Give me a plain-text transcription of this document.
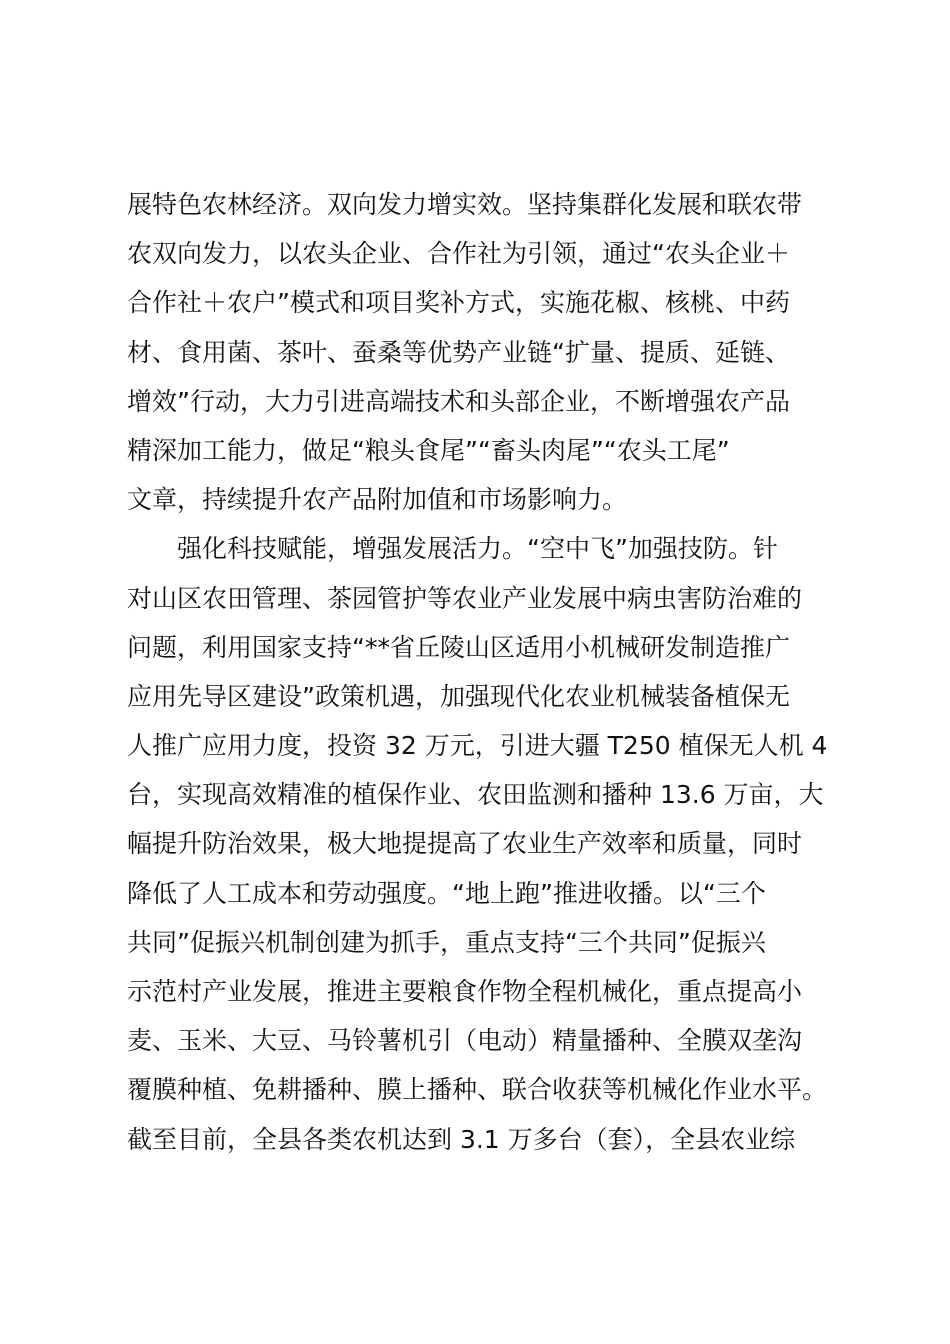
展特色农林经济。双向发力增实效。坚持集群化发展和联农带
农双向发力，以农头企业、合作社为引领，通过“农头企业＋
合作社＋农户”模式和项目奖补方式，实施花椒、核桃、中药
材、食用菌、茶叶、蚕桑等优势产业链“扩量、提质、延链、
增效”行动，大力引进高端技术和头部企业，不断增强农产品
精深加工能力，做足“粮头食尾”“畜头肉尾”“农头工尾”
文章，持续提升农产品附加值和市场影响力。
强化科技赋能，增强发展活力。“空中飞”加强技防。针
对山区农田管理、茶园管护等农业产业发展中病虫害防治难的
问题，利用国家支持“**省丘陵山区适用小机械研发制造推广
应用先导区建设”政策机遇，加强现代化农业机械装备植保无
人推广应用力度，投资 32 万元，引进大疆 T250 植保无人机 4
台，实现高效精准的植保作业、农田监测和播种 13.6 万亩，大
幅提升防治效果，极大地提提高了农业生产效率和质量，同时
降低了人工成本和劳动强度。“地上跑”推进收播。以“三个
共同”促振兴机制创建为抓手，重点支持“三个共同”促振兴
示范村产业发展，推进主要粮食作物全程机械化，重点提高小
麦、玉米、大豆、马铃薯机引（电动）精量播种、全膜双垄沟
覆膜种植、免耕播种、膜上播种、联合收获等机械化作业水平。
截至目前，全县各类农机达到 3.1 万多台（套），全县农业综
